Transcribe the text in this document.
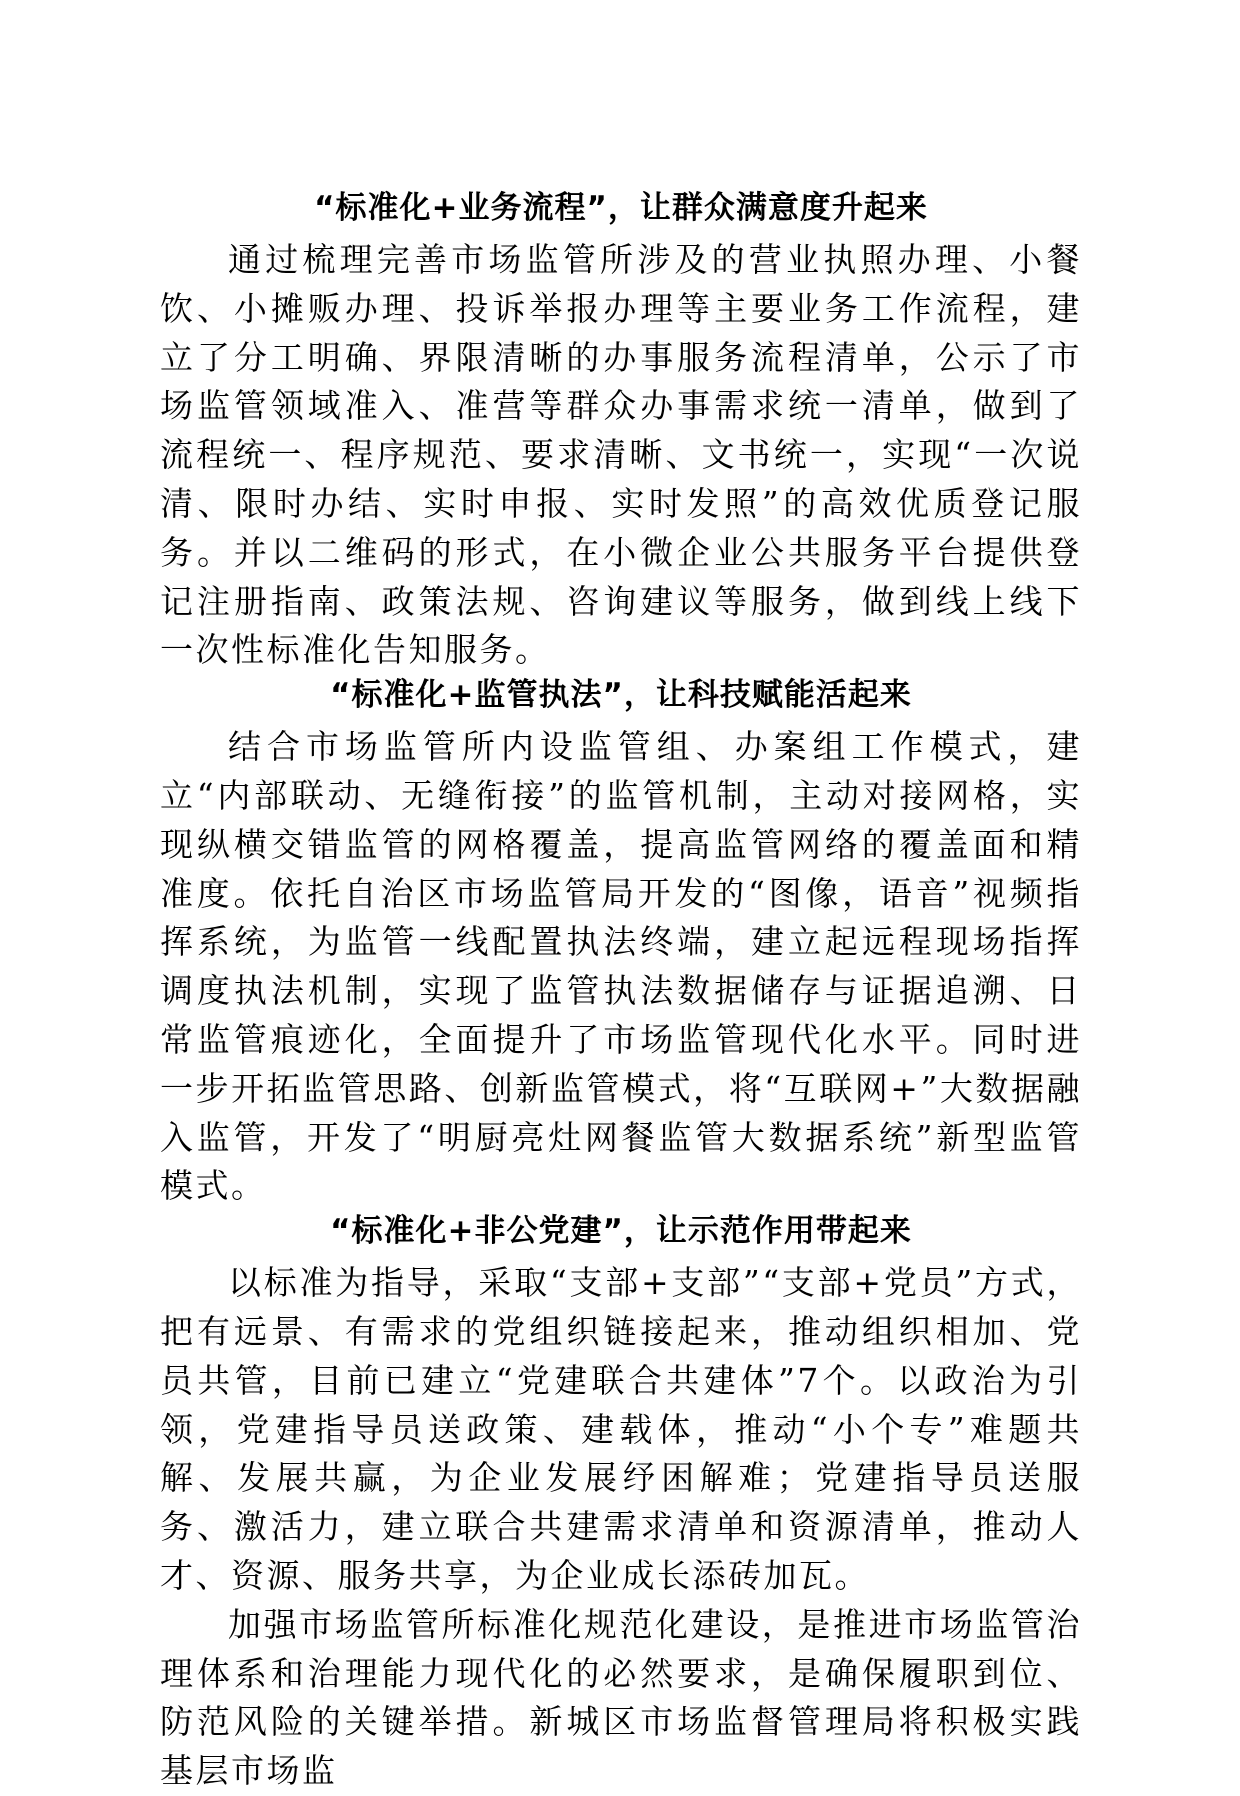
“标准化+业务流程”，让群众满意度升起来

通过梳理完善市场监管所涉及的营业执照办理、小餐饮、小摊贩办理、投诉举报办理等主要业务工作流程，建立了分工明确、界限清晰的办事服务流程清单，公示了市场监管领域准入、准营等群众办事需求统一清单，做到了流程统一、程序规范、要求清晰、文书统一，实现“一次说清、限时办结、实时申报、实时发照”的高效优质登记服务。并以二维码的形式，在小微企业公共服务平台提供登记注册指南、政策法规、咨询建议等服务，做到线上线下一次性标准化告知服务。

“标准化+监管执法”，让科技赋能活起来

结合市场监管所内设监管组、办案组工作模式，建立“内部联动、无缝衔接”的监管机制，主动对接网格，实现纵横交错监管的网格覆盖，提高监管网络的覆盖面和精准度。依托自治区市场监管局开发的“图像，语音”视频指挥系统，为监管一线配置执法终端，建立起远程现场指挥调度执法机制，实现了监管执法数据储存与证据追溯、日常监管痕迹化，全面提升了市场监管现代化水平。同时进一步开拓监管思路、创新监管模式，将“互联网+”大数据融入监管，开发了“明厨亮灶网餐监管大数据系统”新型监管模式。

“标准化+非公党建”，让示范作用带起来

以标准为指导，采取“支部+支部”“支部+党员”方式，把有远景、有需求的党组织链接起来，推动组织相加、党员共管，目前已建立“党建联合共建体”7个。以政治为引领，党建指导员送政策、建载体，推动“小个专”难题共解、发展共赢，为企业发展纾困解难；党建指导员送服务、激活力，建立联合共建需求清单和资源清单，推动人才、资源、服务共享，为企业成长添砖加瓦。

加强市场监管所标准化规范化建设，是推进市场监管治理体系和治理能力现代化的必然要求，是确保履职到位、防范风险的关键举措。新城区市场监督管理局将积极实践基层市场监
